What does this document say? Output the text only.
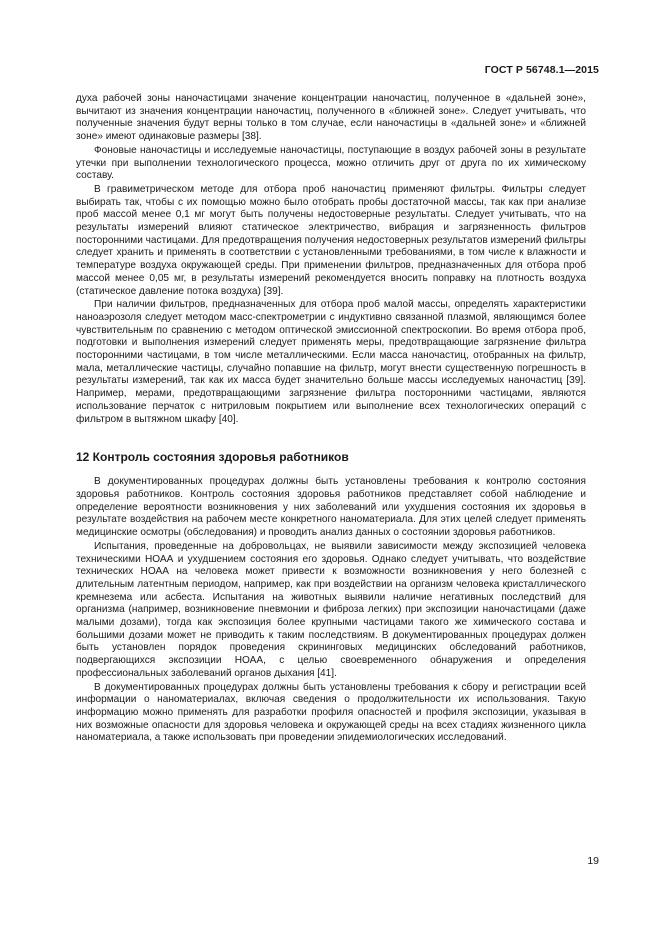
ГОСТ Р 56748.1—2015

духа рабочей зоны наночастицами значение концентрации наночастиц, полученное в «дальней зоне», вычитают из значения концентрации наночастиц, полученного в «ближней зоне». Следует учитывать, что полученные значения будут верны только в том случае, если наночастицы в «дальней зоне» и «ближней зоне» имеют одинаковые размеры [38].

Фоновые наночастицы и исследуемые наночастицы, поступающие в воздух рабочей зоны в результате утечки при выполнении технологического процесса, можно отличить друг от друга по их химическому составу.

В гравиметрическом методе для отбора проб наночастиц применяют фильтры. Фильтры следует выбирать так, чтобы с их помощью можно было отобрать пробы достаточной массы, так как при анализе проб массой менее 0,1 мг могут быть получены недостоверные результаты. Следует учитывать, что на результаты измерений влияют статическое электричество, вибрация и загрязненность фильтров посторонними частицами. Для предотвращения получения недостоверных результатов измерений фильтры следует хранить и применять в соответствии с установленными требованиями, в том числе к влажности и температуре воздуха окружающей среды. При применении фильтров, предназначенных для отбора проб массой менее 0,05 мг, в результаты измерений рекомендуется вносить поправку на плотность воздуха (статическое давление потока воздуха) [39].

При наличии фильтров, предназначенных для отбора проб малой массы, определять характеристики наноаэрозоля следует методом масс-спектрометрии с индуктивно связанной плазмой, являющимся более чувствительным по сравнению с методом оптической эмиссионной спектроскопии. Во время отбора проб, подготовки и выполнения измерений следует применять меры, предотвращающие загрязнение фильтра посторонними частицами, в том числе металлическими. Если масса наночастиц, отобранных на фильтр, мала, металлические частицы, случайно попавшие на фильтр, могут внести существенную погрешность в результаты измерений, так как их масса будет значительно больше массы исследуемых наночастиц [39]. Например, мерами, предотвращающими загрязнение фильтра посторонними частицами, являются использование перчаток с нитриловым покрытием или выполнение всех технологических операций с фильтром в вытяжном шкафу [40].

12 Контроль состояния здоровья работников

В документированных процедурах должны быть установлены требования к контролю состояния здоровья работников. Контроль состояния здоровья работников представляет собой наблюдение и определение вероятности возникновения у них заболеваний или ухудшения состояния их здоровья в результате воздействия на рабочем месте конкретного наноматериала. Для этих целей следует применять медицинские осмотры (обследования) и проводить анализ данных о состоянии здоровья работников.

Испытания, проведенные на добровольцах, не выявили зависимости между экспозицией человека техническими НОАА и ухудшением состояния его здоровья. Однако следует учитывать, что воздействие технических НОАА на человека может привести к возможности возникновения у него болезней с длительным латентным периодом, например, как при воздействии на организм человека кристаллического кремнезема или асбеста. Испытания на животных выявили наличие негативных последствий для организма (например, возникновение пневмонии и фиброза легких) при экспозиции наночастицами (даже малыми дозами), тогда как экспозиция более крупными частицами такого же химического состава и большими дозами может не приводить к таким последствиям. В документированных процедурах должен быть установлен порядок проведения скрининговых медицинских обследований работников, подвергающихся экспозиции НОАА, с целью своевременного обнаружения и определения профессиональных заболеваний органов дыхания [41].

В документированных процедурах должны быть установлены требования к сбору и регистрации всей информации о наноматериалах, включая сведения о продолжительности их использования. Такую информацию можно применять для разработки профиля опасностей и профиля экспозиции, указывая в них возможные опасности для здоровья человека и окружающей среды на всех стадиях жизненного цикла наноматериала, а также использовать при проведении эпидемиологических исследований.

19
